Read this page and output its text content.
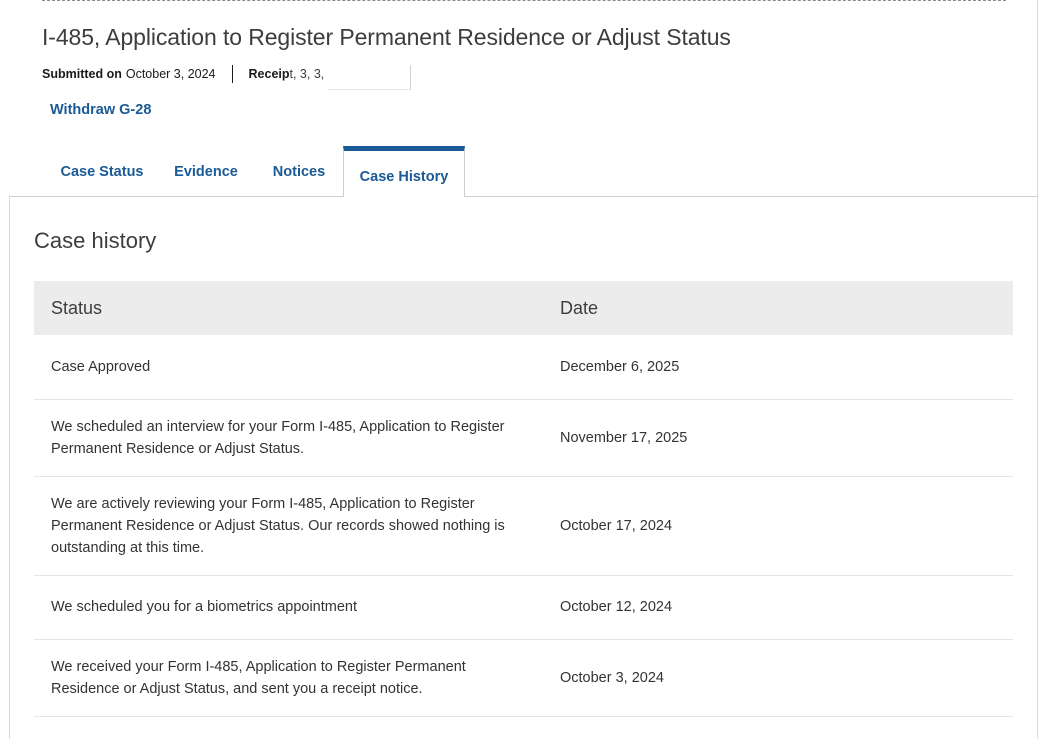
I-485, Application to Register Permanent Residence or Adjust Status
Submitted on October 3, 2024	Receip t, 3, 3,
Withdraw G-28
Case Status	Evidence	Notices	Case History
Case history
Status	Date
Case Approved	December 6, 2025
We scheduled an interview for your Form I-485, Application to Register Permanent Residence or Adjust Status.	November 17, 2025
We are actively reviewing your Form I-485, Application to Register Permanent Residence or Adjust Status. Our records showed nothing is outstanding at this time.	October 17, 2024
We scheduled you for a biometrics appointment	October 12, 2024
We received your Form I-485, Application to Register Permanent Residence or Adjust Status, and sent you a receipt notice.	October 3, 2024
